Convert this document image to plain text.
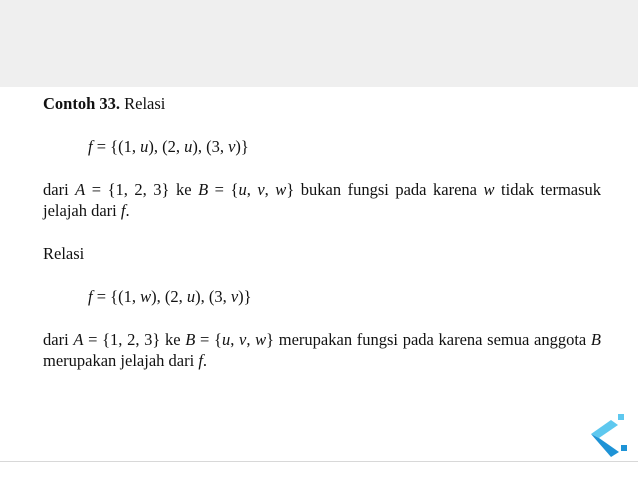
Contoh 33. Relasi

f = {(1, u), (2, u), (3, v)}

dari A = {1, 2, 3} ke B = {u, v, w} bukan fungsi pada karena w tidak termasuk jelajah dari f.

Relasi

f = {(1, w), (2, u), (3, v)}

dari A = {1, 2, 3} ke B = {u, v, w} merupakan fungsi pada karena semua anggota B merupakan jelajah dari f.
